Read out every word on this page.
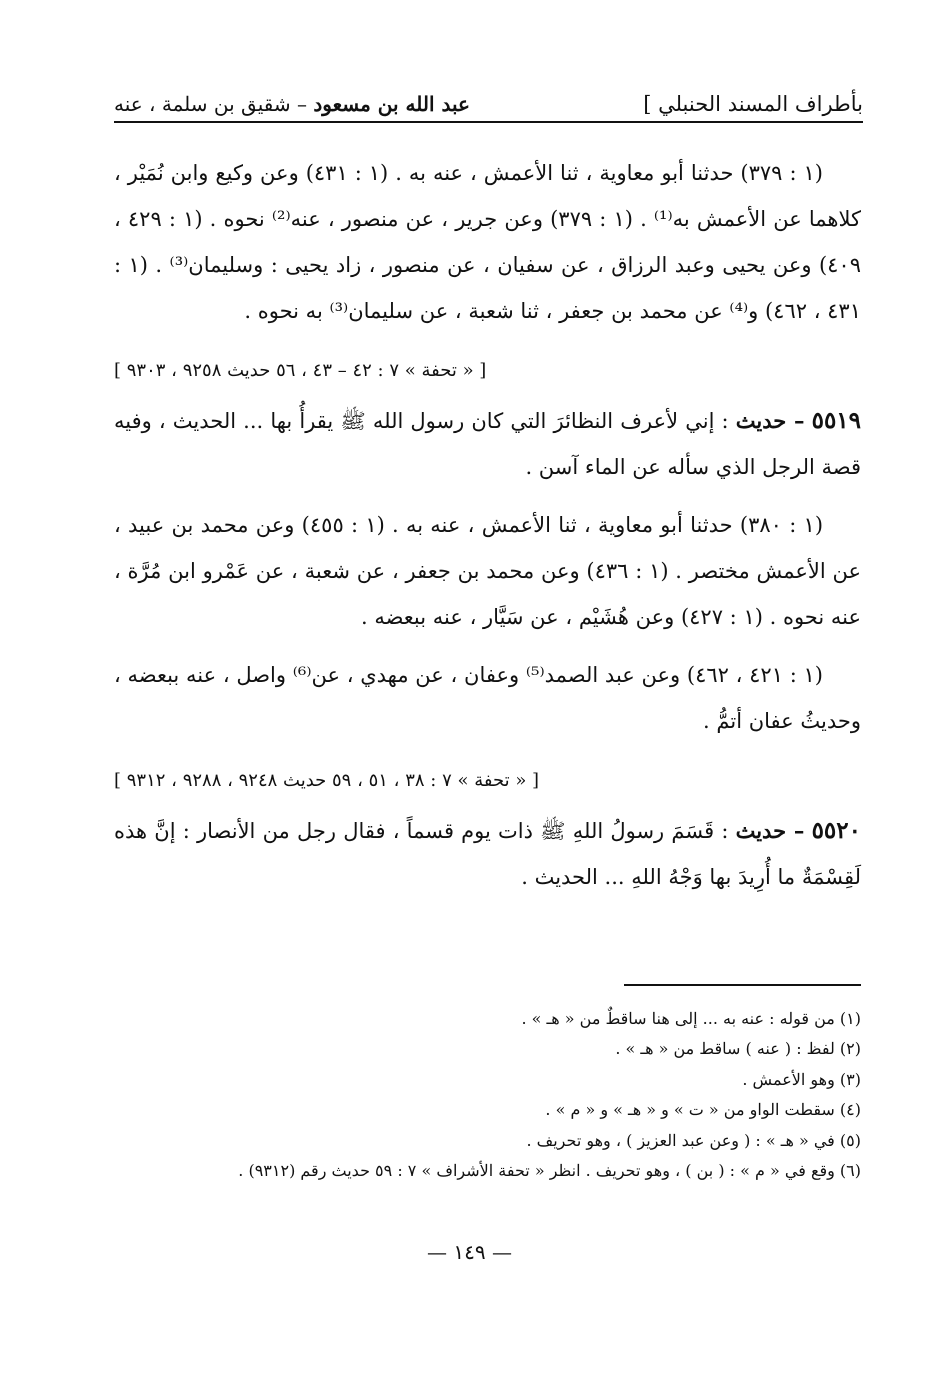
بأطراف المسند الحنبلي ]
عبد الله بن مسعود – شقيق بن سلمة ، عنه

(١ : ٣٧٩) حدثنا أبو معاوية ، ثنا الأعمش ، عنه به . (١ : ٤٣١) وعن وكيع وابن نُمَيْر ، كلاهما عن الأعمش به⁽¹⁾ . (١ : ٣٧٩) وعن جرير ، عن منصور ، عنه⁽²⁾ نحوه . (١ : ٤٢٩ ، ٤٠٩) وعن يحيى وعبد الرزاق ، عن سفيان ، عن منصور ، زاد يحيى : وسليمان⁽³⁾ . (١ : ٤٣١ ، ٤٦٢) و⁽⁴⁾ عن محمد بن جعفر ، ثنا شعبة ، عن سليمان⁽³⁾ به نحوه .

[ « تحفة » ٧ : ٤٢ – ٤٣ ، ٥٦ حديث ٩٢٥٨ ، ٩٣٠٣ ]

٥٥١٩ – حديث : إني لأعرف النظائرَ التي كان رسول الله ﷺ يقرأُ بها ... الحديث ، وفيه قصة الرجل الذي سأله عن الماء آسن .

(١ : ٣٨٠) حدثنا أبو معاوية ، ثنا الأعمش ، عنه به . (١ : ٤٥٥) وعن محمد بن عبيد ، عن الأعمش مختصر . (١ : ٤٣٦) وعن محمد بن جعفر ، عن شعبة ، عن عَمْرو ابن مُرَّة ، عنه نحوه . (١ : ٤٢٧) وعن هُشَيْم ، عن سَيَّار ، عنه ببعضه .

(١ : ٤٢١ ، ٤٦٢) وعن عبد الصمد⁽⁵⁾ وعفان ، عن مهدي ، عن⁽⁶⁾ واصل ، عنه ببعضه ، وحديثُ عفان أتمُّ .

[ « تحفة » ٧ : ٣٨ ، ٥١ ، ٥٩ حديث ٩٢٤٨ ، ٩٢٨٨ ، ٩٣١٢ ]

٥٥٢٠ – حديث : قَسَمَ رسولُ اللهِ ﷺ ذات يوم قسماً ، فقال رجل من الأنصار : إنَّ هذه لَقِسْمَةٌ ما أُرِيدَ بها وَجْهُ اللهِ ... الحديث .

(١) من قوله : عنه به ... إلى هنا ساقطٌ من « هـ » .
(٢) لفظ : ( عنه ) ساقط من « هـ » .
(٣) وهو الأعمش .
(٤) سقطت الواو من « ت » و « هـ » و « م » .
(٥) في « هـ » : ( وعن عبد العزيز ) ، وهو تحريف .
(٦) وقع في « م » : ( بن ) ، وهو تحريف . انظر « تحفة الأشراف » ٧ : ٥٩ حديث رقم (٩٣١٢) .
— ١٤٩ —
